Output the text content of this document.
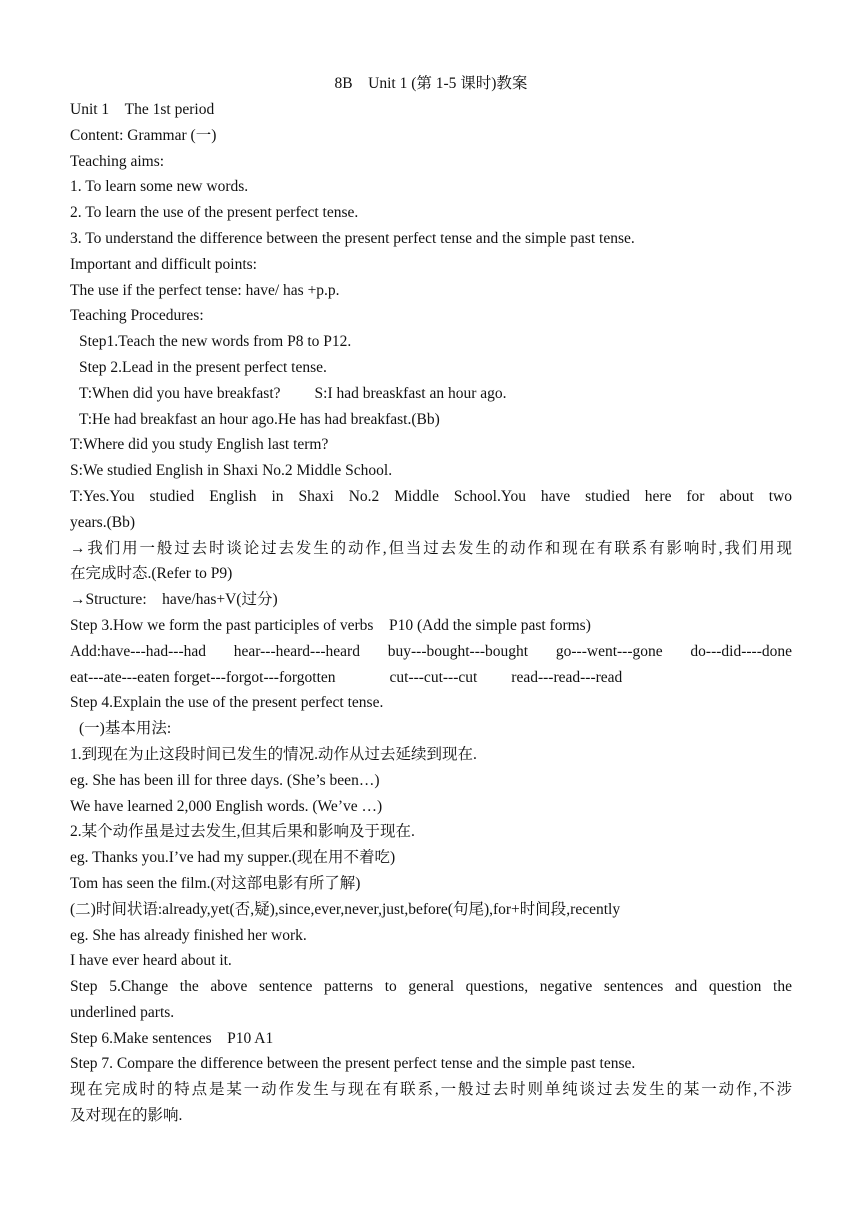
8B　Unit 1 (第 1-5 课时)教案
Unit 1　The 1st period
Content: Grammar (一)
Teaching aims:
1. To learn some new words.
2. To learn the use of the present perfect tense.
3. To understand the difference between the present perfect tense and the simple past tense.
Important and difficult points:
The use if the perfect tense: have/ has +p.p.
Teaching Procedures:
Step1.Teach the new words from P8 to P12.
Step 2.Lead in the present perfect tense.
T:When did you have breakfast? S:I had breaskfast an hour ago.
T:He had breakfast an hour ago.He has had breakfast.(Bb)
T:Where did you study English last term?
S:We studied English in Shaxi No.2 Middle School.
T:Yes.You studied English in Shaxi No.2 Middle School.You have studied here for about two
years.(Bb)
→我们用一般过去时谈论过去发生的动作,但当过去发生的动作和现在有联系有影响时,我们用现
在完成时态.(Refer to P9)
→Structure:　have/has+V(过分)
Step 3.How we form the past participles of verbs　P10 (Add the simple past forms)
Add:have---had---had hear---heard---heard buy---bought---bought go---went---gone do---did----done
eat---ate---eaten forget---forgot---forgotten	cut---cut---cut read---read---read
Step 4.Explain the use of the present perfect tense.
(一)基本用法:
1.到现在为止这段时间已发生的情况.动作从过去延续到现在.
eg. She has been ill for three days. (She’s been…)
We have learned 2,000 English words. (We’ve …)
2.某个动作虽是过去发生,但其后果和影响及于现在.
eg. Thanks you.I’ve had my supper.(现在用不着吃)
Tom has seen the film.(对这部电影有所了解)
(二)时间状语:already,yet(否,疑),since,ever,never,just,before(句尾),for+时间段,recently
eg. She has already finished her work.
I have ever heard about it.
Step 5.Change the above sentence patterns to general questions, negative sentences and question the
underlined parts.
Step 6.Make sentences　P10 A1
Step 7. Compare the difference between the present perfect tense and the simple past tense.
现在完成时的特点是某一动作发生与现在有联系,一般过去时则单纯谈过去发生的某一动作,不涉
及对现在的影响.
